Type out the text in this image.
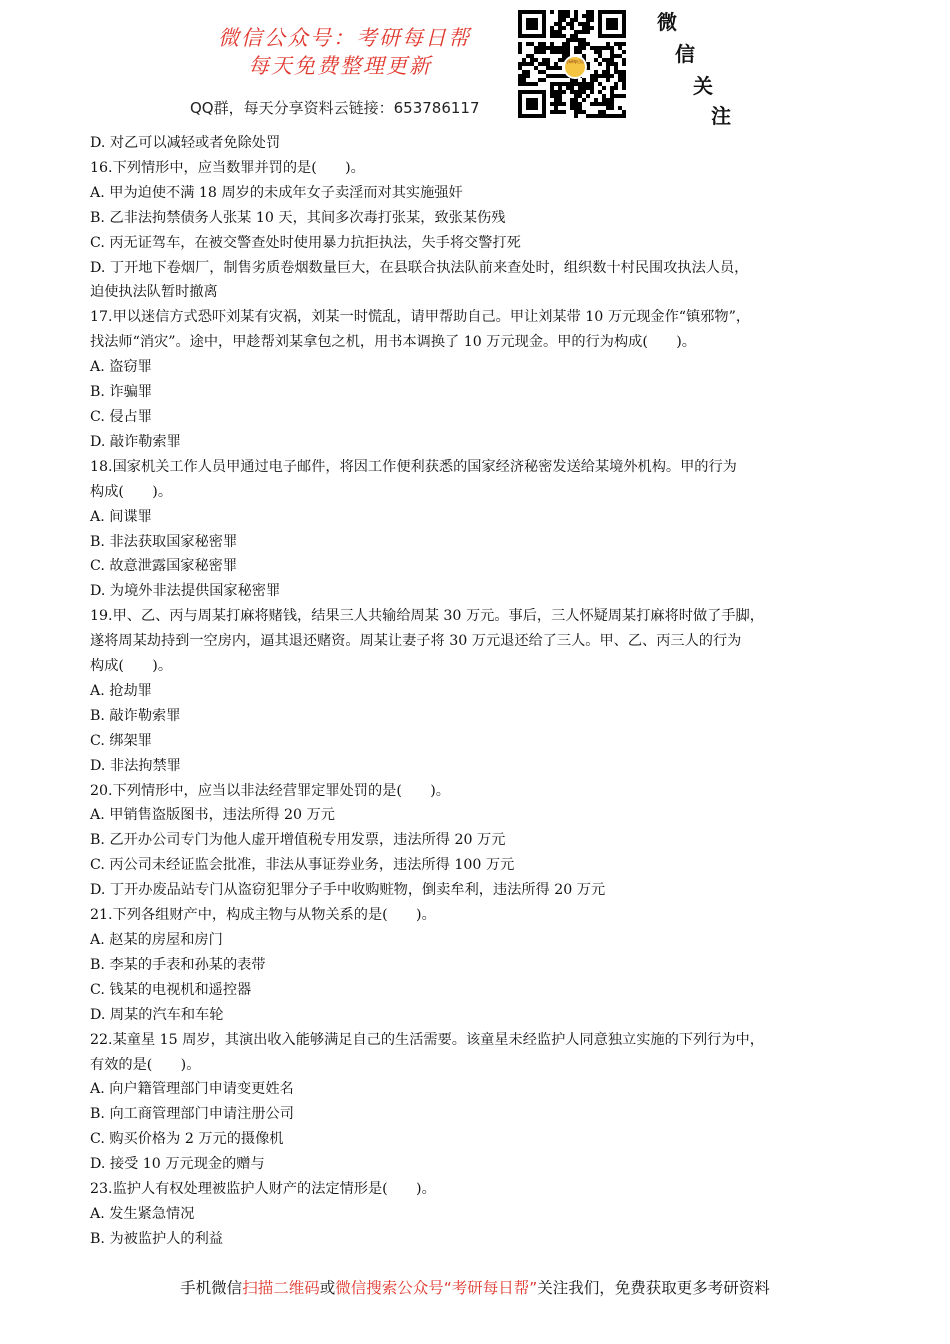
微信公众号：考研每日帮
每天免费整理更新
QQ群，每天分享资料云链接：653786117
考研每日帮
微
信
关
注
D. 对乙可以减轻或者免除处罚
16.下列情形中，应当数罪并罚的是(　　)。
A. 甲为迫使不满 18 周岁的未成年女子卖淫而对其实施强奸
B. 乙非法拘禁债务人张某 10 天，其间多次毒打张某，致张某伤残
C. 丙无证驾车，在被交警查处时使用暴力抗拒执法，失手将交警打死
D. 丁开地下卷烟厂，制售劣质卷烟数量巨大，在县联合执法队前来查处时，组织数十村民围攻执法人员，
迫使执法队暂时撤离
17.甲以迷信方式恐吓刘某有灾祸，刘某一时慌乱，请甲帮助自己。甲让刘某带 10 万元现金作“镇邪物”，
找法师“消灾”。途中，甲趁帮刘某拿包之机，用书本调换了 10 万元现金。甲的行为构成(　　)。
A. 盗窃罪
B. 诈骗罪
C. 侵占罪
D. 敲诈勒索罪
18.国家机关工作人员甲通过电子邮件，将因工作便利获悉的国家经济秘密发送给某境外机构。甲的行为
构成(　　)。
A. 间谍罪
B. 非法获取国家秘密罪
C. 故意泄露国家秘密罪
D. 为境外非法提供国家秘密罪
19.甲、乙、丙与周某打麻将赌钱，结果三人共输给周某 30 万元。事后，三人怀疑周某打麻将时做了手脚，
遂将周某劫持到一空房内，逼其退还赌资。周某让妻子将 30 万元退还给了三人。甲、乙、丙三人的行为
构成(　　)。
A. 抢劫罪
B. 敲诈勒索罪
C. 绑架罪
D. 非法拘禁罪
20.下列情形中，应当以非法经营罪定罪处罚的是(　　)。
A. 甲销售盗版图书，违法所得 20 万元
B. 乙开办公司专门为他人虚开增值税专用发票，违法所得 20 万元
C. 丙公司未经证监会批准，非法从事证券业务，违法所得 100 万元
D. 丁开办废品站专门从盗窃犯罪分子手中收购赃物，倒卖牟利，违法所得 20 万元
21.下列各组财产中，构成主物与从物关系的是(　　)。
A. 赵某的房屋和房门
B. 李某的手表和孙某的表带
C. 钱某的电视机和遥控器
D. 周某的汽车和车轮
22.某童星 15 周岁，其演出收入能够满足自己的生活需要。该童星未经监护人同意独立实施的下列行为中，
有效的是(　　)。
A. 向户籍管理部门申请变更姓名
B. 向工商管理部门申请注册公司
C. 购买价格为 2 万元的摄像机
D. 接受 10 万元现金的赠与
23.监护人有权处理被监护人财产的法定情形是(　　)。
A. 发生紧急情况
B. 为被监护人的利益
手机微信扫描二维码或微信搜索公众号“考研每日帮”关注我们，免费获取更多考研资料
